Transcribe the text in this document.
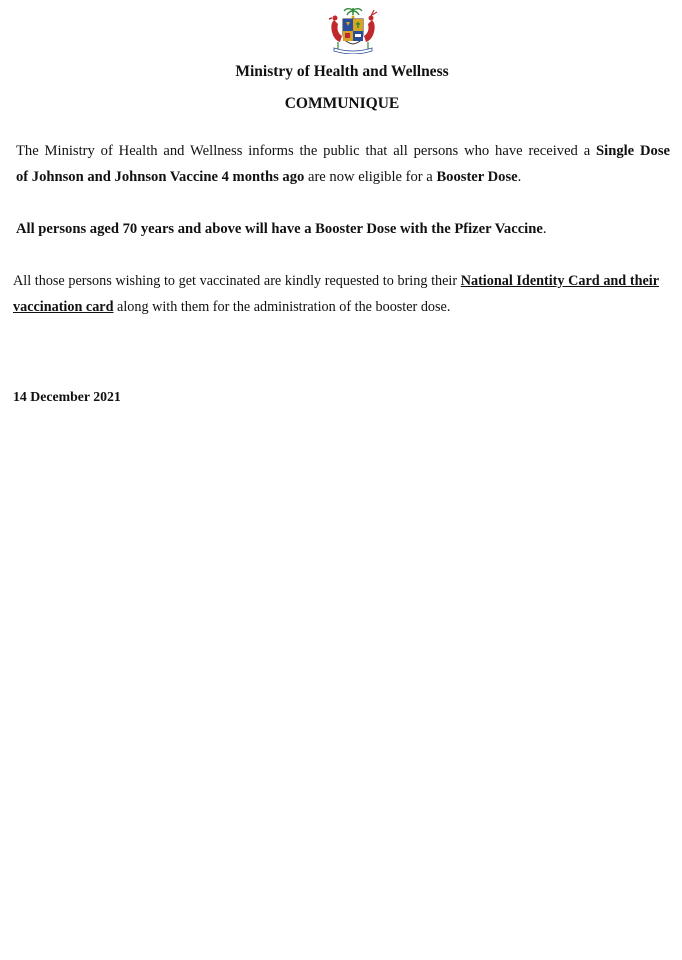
Ministry of Health and Wellness
COMMUNIQUE

The Ministry of Health and Wellness informs the public that all persons who have received a Single Dose
of Johnson and Johnson Vaccine 4 months ago are now eligible for a Booster Dose.

All persons aged 70 years and above will have a Booster Dose with the Pfizer Vaccine.

All those persons wishing to get vaccinated are kindly requested to bring their National Identity Card and their
vaccination card along with them for the administration of the booster dose.

14 December 2021
